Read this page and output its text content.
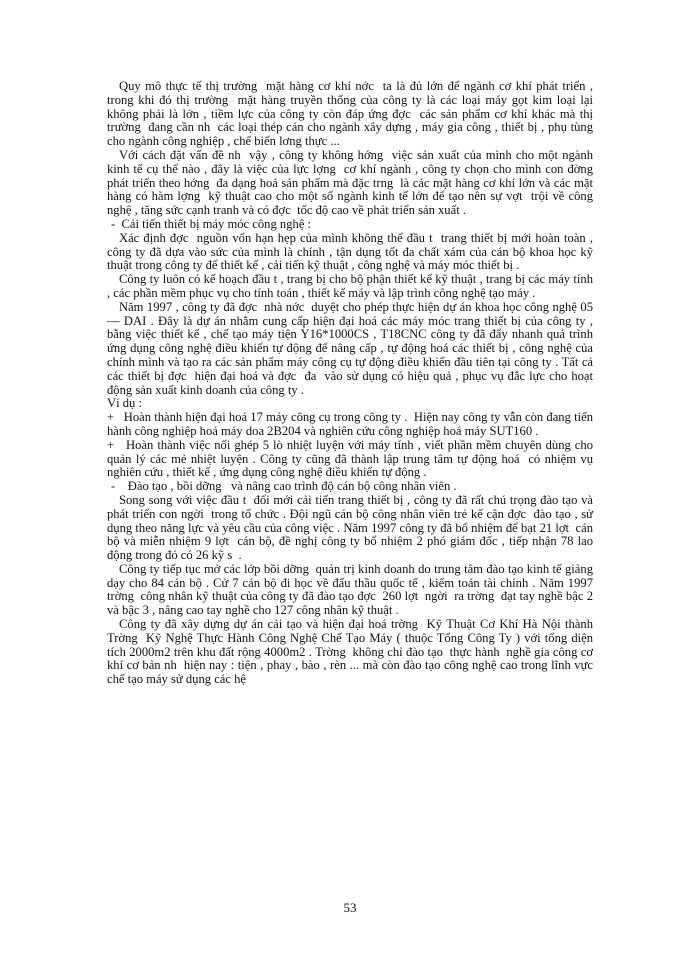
Quy mô thực tế thị trường  mặt hàng cơ khí nớc  ta là đủ lớn để ngành cơ khí phát triển , trong khi đó thị trường  mặt hàng truyền thống của công ty là các loại máy gọt kim loại lại không phải là lớn , tiềm lực của công ty còn đáp ứng đợc  các sản phẩm cơ khí khác mà thị trường  đang cần nh  các loại thép cán cho ngành xây dựng , máy gia công , thiết bị , phụ tùng cho ngành công nghiệp , chế biến lơng thực ...

Với cách đặt vấn đề nh  vậy , công ty không hớng  việc sản xuất của mình cho một ngành kinh tế cụ thể nào , đây là việc của lực lợng  cơ khí ngành , công ty chọn cho mình con đờng  phát triển theo hớng  đa dạng hoá sản phẩm mà đặc trng  là các mặt hàng cơ khí lớn và các mặt hàng có hàm lợng  kỹ thuật cao cho một số ngành kinh tế lớn để tạo nên sự vợt  trội về công nghệ , tăng sức cạnh tranh và có đợc  tốc độ cao về phát triển sản xuất .

-  Cải tiến thiết bị máy móc công nghệ :

Xác định đợc  nguồn vốn hạn hẹp của mình không thể đầu t  trang thiết bị mới hoàn toàn , công ty đã dựa vào sức của mình là chính , tận dụng tốt đa chất xám của cán bộ khoa học kỹ thuật trong công ty để thiết kế , cải tiến kỹ thuật , công nghệ và máy móc thiết bị .

Công ty luôn có kế hoạch đầu t , trang bị cho bộ phận thiết kế kỹ thuật , trang bị các máy tính , các phần mềm phục vụ cho tính toán , thiết kế máy và lập trình công nghệ tạo máy .

Năm 1997 , công ty đã đợc  nhà nớc  duyệt cho phép thực hiện dự án khoa học công nghệ 05 — DAI . Đây là dự án nhằm cung cấp hiện đại hoá các máy móc trang thiết bị của công ty , bằng việc thiết kế , chế tạo máy tiện Y16*1000CS , T18CNC công ty đã đẩy nhanh quá trình ứng dụng công nghệ điều khiển tự động để nâng cấp , tự động hoá các thiết bị , công nghệ của chính mình và tạo ra các sản phẩm máy công cụ tự động điều khiển đầu tiên tại công ty . Tất cả các thiết bị đợc  hiện đại hoá và đợc  đa  vào sử dụng có hiệu quả , phục vụ đắc lực cho hoạt động sản xuất kinh doanh của công ty .

Ví dụ :

+   Hoàn thành hiện đại hoá 17 máy công cụ trong công ty .  Hiện nay công ty vẫn còn đang tiến hành công nghiệp hoá máy doa 2B204 và nghiên cứu công nghiệp hoá máy SUT160 .

+   Hoàn thành việc nối ghép 5 lò nhiệt luyện với máy tính , viết phần mềm chuyên dùng cho quản lý các mẻ nhiệt luyện . Công ty cũng đã thành lập trung tâm tự động hoá  có nhiệm vụ nghiên cứu , thiết kế , ứng dụng công nghệ điều khiển tự động .

-    Đào tạo , bồi dỡng   và nâng cao trình độ cán bộ công nhân viên .

Song song với việc đầu t  đổi mới cải tiến trang thiết bị , công ty đã rất chú trọng đào tạo và phát triển con ngời  trong tổ chức . Đội ngũ cán bộ công nhân viên trẻ kế cận đợc  đào tạo , sử dụng theo năng lực và yêu cầu của công việc . Năm 1997 công ty đã bổ nhiệm để bạt 21 lợt  cán bộ và miễn nhiệm 9 lợt  cán bộ, đề nghị công ty bổ nhiệm 2 phó giám đốc , tiếp nhận 78 lao động trong đó có 26 kỹ s  .

Công ty tiếp tục mở các lớp bồi dỡng  quản trị kinh doanh do trung tâm đào tạo kinh tế giảng dạy cho 84 cán bộ . Cử 7 cán bộ đi học về đấu thầu quốc tế , kiểm toán tài chính . Năm 1997 trờng  công nhân kỹ thuật của công ty đã đào tạo đợc  260 lợt  ngời  ra trờng  đạt tay nghề bậc 2 và bậc 3 , nâng cao tay nghề cho 127 công nhân kỹ thuật .

Công ty đã xây dựng dự án cải tạo và hiện đại hoá trờng  Kỹ Thuật Cơ Khí Hà Nội thành Trờng  Kỹ Nghệ Thực Hành Công Nghệ Chế Tạo Máy ( thuộc Tổng Công Ty ) với tổng diện tích 2000m2 trên khu đất rộng 4000m2 . Trờng  không chỉ đào tạo  thực hành  nghề gia công cơ khí cơ bản nh  hiện nay : tiện , phay , bào , rèn ... mà còn đào tạo công nghệ cao trong lĩnh vực chế tạo máy sử dụng các hệ

53
